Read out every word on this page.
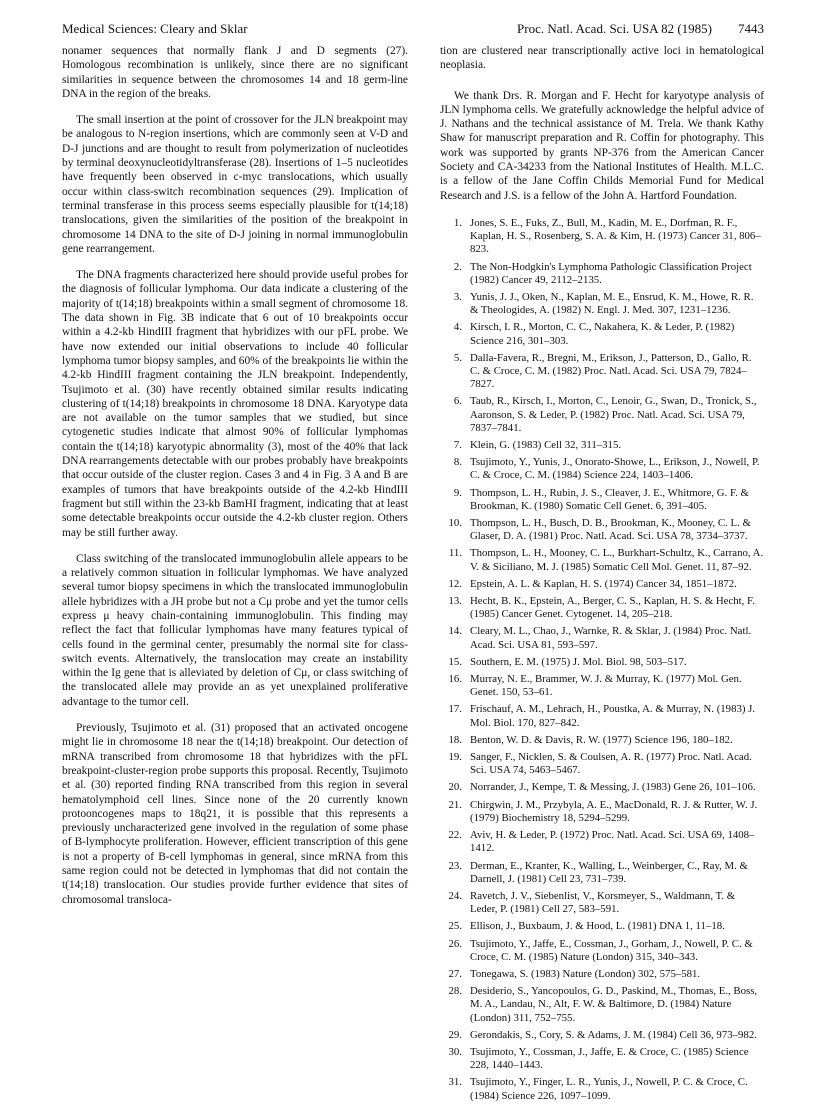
Medical Sciences: Cleary and Sklar	Proc. Natl. Acad. Sci. USA 82 (1985) 7443

nonamer sequences that normally flank J and D segments (27). Homologous recombination is unlikely, since there are no significant similarities in sequence between the chromosomes 14 and 18 germ-line DNA in the region of the breaks.

The small insertion at the point of crossover for the JLN breakpoint may be analogous to N-region insertions, which are commonly seen at V-D and D-J junctions and are thought to result from polymerization of nucleotides by terminal deoxynucleotidyltransferase (28). Insertions of 1–5 nucleotides have frequently been observed in c-myc translocations, which usually occur within class-switch recombination sequences (29). Implication of terminal transferase in this process seems especially plausible for t(14;18) translocations, given the similarities of the position of the breakpoint in chromosome 14 DNA to the site of D-J joining in normal immunoglobulin gene rearrangement.

The DNA fragments characterized here should provide useful probes for the diagnosis of follicular lymphoma. Our data indicate a clustering of the majority of t(14;18) breakpoints within a small segment of chromosome 18. The data shown in Fig. 3B indicate that 6 out of 10 breakpoints occur within a 4.2-kb HindIII fragment that hybridizes with our pFL probe. We have now extended our initial observations to include 40 follicular lymphoma tumor biopsy samples, and 60% of the breakpoints lie within the 4.2-kb HindIII fragment containing the JLN breakpoint. Independently, Tsujimoto et al. (30) have recently obtained similar results indicating clustering of t(14;18) breakpoints in chromosome 18 DNA. Karyotype data are not available on the tumor samples that we studied, but since cytogenetic studies indicate that almost 90% of follicular lymphomas contain the t(14;18) karyotypic abnormality (3), most of the 40% that lack DNA rearrangements detectable with our probes probably have breakpoints that occur outside of the cluster region. Cases 3 and 4 in Fig. 3 A and B are examples of tumors that have breakpoints outside of the 4.2-kb HindIII fragment but still within the 23-kb BamHI fragment, indicating that at least some detectable breakpoints occur outside the 4.2-kb cluster region. Others may be still further away.

Class switching of the translocated immunoglobulin allele appears to be a relatively common situation in follicular lymphomas. We have analyzed several tumor biopsy specimens in which the translocated immunoglobulin allele hybridizes with a JH probe but not a Cμ probe and yet the tumor cells express μ heavy chain-containing immunoglobulin. This finding may reflect the fact that follicular lymphomas have many features typical of cells found in the germinal center, presumably the normal site for class-switch events. Alternatively, the translocation may create an instability within the Ig gene that is alleviated by deletion of Cμ, or class switching of the translocated allele may provide an as yet unexplained proliferative advantage to the tumor cell.

Previously, Tsujimoto et al. (31) proposed that an activated oncogene might lie in chromosome 18 near the t(14;18) breakpoint. Our detection of mRNA transcribed from chromosome 18 that hybridizes with the pFL breakpoint-cluster-region probe supports this proposal. Recently, Tsujimoto et al. (30) reported finding RNA transcribed from this region in several hematolymphoid cell lines. Since none of the 20 currently known protooncogenes maps to 18q21, it is possible that this represents a previously uncharacterized gene involved in the regulation of some phase of B-lymphocyte proliferation. However, efficient transcription of this gene is not a property of B-cell lymphomas in general, since mRNA from this same region could not be detected in lymphomas that did not contain the t(14;18) translocation. Our studies provide further evidence that sites of chromosomal transloca-

tion are clustered near transcriptionally active loci in hematological neoplasia.

We thank Drs. R. Morgan and F. Hecht for karyotype analysis of JLN lymphoma cells. We gratefully acknowledge the helpful advice of J. Nathans and the technical assistance of M. Trela. We thank Kathy Shaw for manuscript preparation and R. Coffin for photography. This work was supported by grants NP-376 from the American Cancer Society and CA-34233 from the National Institutes of Health. M.L.C. is a fellow of the Jane Coffin Childs Memorial Fund for Medical Research and J.S. is a fellow of the John A. Hartford Foundation.

1. Jones, S. E., Fuks, Z., Bull, M., Kadin, M. E., Dorfman, R. F., Kaplan, H. S., Rosenberg, S. A. & Kim, H. (1973) Cancer 31, 806–823.
2. The Non-Hodgkin's Lymphoma Pathologic Classification Project (1982) Cancer 49, 2112–2135.
3. Yunis, J. J., Oken, N., Kaplan, M. E., Ensrud, K. M., Howe, R. R. & Theologides, A. (1982) N. Engl. J. Med. 307, 1231–1236.
4. Kirsch, I. R., Morton, C. C., Nakahera, K. & Leder, P. (1982) Science 216, 301–303.
5. Dalla-Favera, R., Bregni, M., Erikson, J., Patterson, D., Gallo, R. C. & Croce, C. M. (1982) Proc. Natl. Acad. Sci. USA 79, 7824–7827.
6. Taub, R., Kirsch, I., Morton, C., Lenoir, G., Swan, D., Tronick, S., Aaronson, S. & Leder, P. (1982) Proc. Natl. Acad. Sci. USA 79, 7837–7841.
7. Klein, G. (1983) Cell 32, 311–315.
8. Tsujimoto, Y., Yunis, J., Onorato-Showe, L., Erikson, J., Nowell, P. C. & Croce, C. M. (1984) Science 224, 1403–1406.
9. Thompson, L. H., Rubin, J. S., Cleaver, J. E., Whitmore, G. F. & Brookman, K. (1980) Somatic Cell Genet. 6, 391–405.
10. Thompson, L. H., Busch, D. B., Brookman, K., Mooney, C. L. & Glaser, D. A. (1981) Proc. Natl. Acad. Sci. USA 78, 3734–3737.
11. Thompson, L. H., Mooney, C. L., Burkhart-Schultz, K., Carrano, A. V. & Siciliano, M. J. (1985) Somatic Cell Mol. Genet. 11, 87–92.
12. Epstein, A. L. & Kaplan, H. S. (1974) Cancer 34, 1851–1872.
13. Hecht, B. K., Epstein, A., Berger, C. S., Kaplan, H. S. & Hecht, F. (1985) Cancer Genet. Cytogenet. 14, 205–218.
14. Cleary, M. L., Chao, J., Warnke, R. & Sklar, J. (1984) Proc. Natl. Acad. Sci. USA 81, 593–597.
15. Southern, E. M. (1975) J. Mol. Biol. 98, 503–517.
16. Murray, N. E., Brammer, W. J. & Murray, K. (1977) Mol. Gen. Genet. 150, 53–61.
17. Frischauf, A. M., Lehrach, H., Poustka, A. & Murray, N. (1983) J. Mol. Biol. 170, 827–842.
18. Benton, W. D. & Davis, R. W. (1977) Science 196, 180–182.
19. Sanger, F., Nicklen, S. & Coulsen, A. R. (1977) Proc. Natl. Acad. Sci. USA 74, 5463–5467.
20. Norrander, J., Kempe, T. & Messing, J. (1983) Gene 26, 101–106.
21. Chirgwin, J. M., Przybyla, A. E., MacDonald, R. J. & Rutter, W. J. (1979) Biochemistry 18, 5294–5299.
22. Aviv, H. & Leder, P. (1972) Proc. Natl. Acad. Sci. USA 69, 1408–1412.
23. Derman, E., Kranter, K., Walling, L., Weinberger, C., Ray, M. & Darnell, J. (1981) Cell 23, 731–739.
24. Ravetch, J. V., Siebenlist, V., Korsmeyer, S., Waldmann, T. & Leder, P. (1981) Cell 27, 583–591.
25. Ellison, J., Buxbaum, J. & Hood, L. (1981) DNA 1, 11–18.
26. Tsujimoto, Y., Jaffe, E., Cossman, J., Gorham, J., Nowell, P. C. & Croce, C. M. (1985) Nature (London) 315, 340–343.
27. Tonegawa, S. (1983) Nature (London) 302, 575–581.
28. Desiderio, S., Yancopoulos, G. D., Paskind, M., Thomas, E., Boss, M. A., Landau, N., Alt, F. W. & Baltimore, D. (1984) Nature (London) 311, 752–755.
29. Gerondakis, S., Cory, S. & Adams, J. M. (1984) Cell 36, 973–982.
30. Tsujimoto, Y., Cossman, J., Jaffe, E. & Croce, C. (1985) Science 228, 1440–1443.
31. Tsujimoto, Y., Finger, L. R., Yunis, J., Nowell, P. C. & Croce, C. (1984) Science 226, 1097–1099.
